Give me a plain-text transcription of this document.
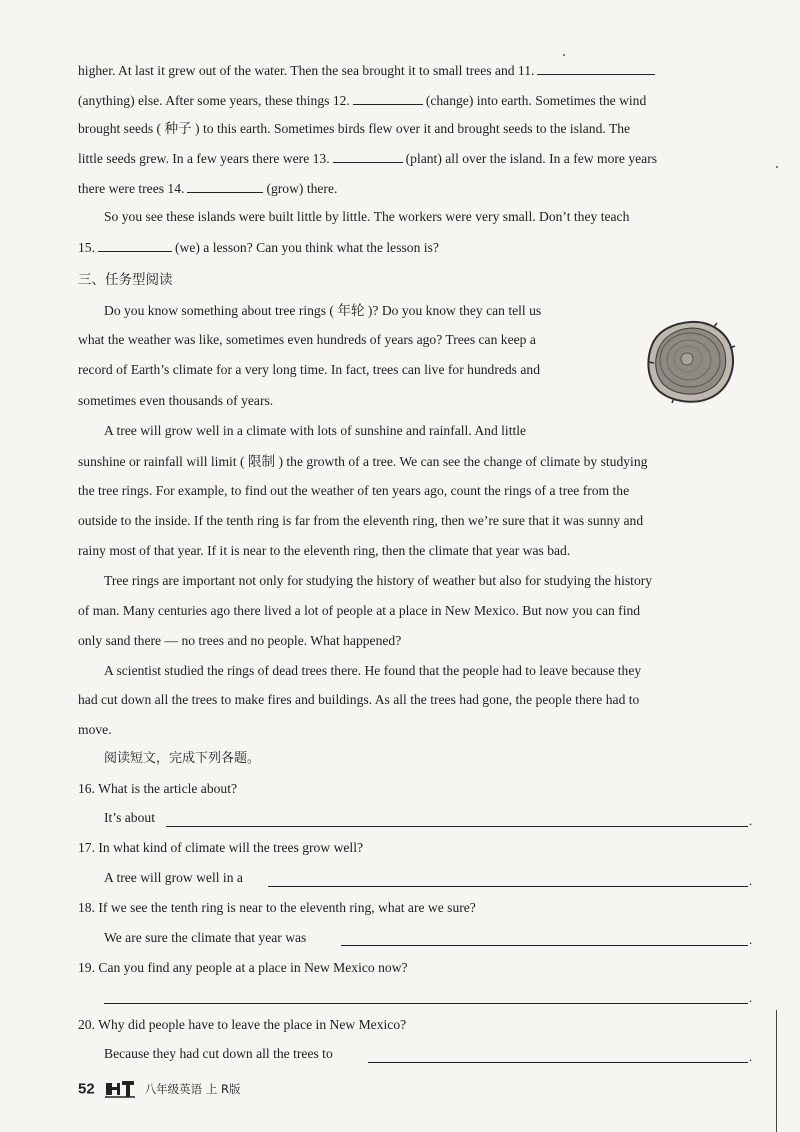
higher. At last it grew out of the water. Then the sea brought it to small trees and 11.
(anything) else. After some years, these things 12.	(change) into earth. Sometimes the wind
brought seeds ( 种子 ) to this earth. Sometimes birds flew over it and brought seeds to the island. The
little seeds grew. In a few years there were 13.	(plant) all over the island. In a few more years
there were trees 14.	(grow) there.
So you see these islands were built little by little. The workers were very small. Don’t they teach
15.	(we) a lesson? Can you think what the lesson is?
三、任务型阅读
Do you know something about tree rings ( 年轮 )? Do you know they can tell us
what the weather was like, sometimes even hundreds of years ago? Trees can keep a
record of Earth’s climate for a very long time. In fact, trees can live for hundreds and
sometimes even thousands of years.
A tree will grow well in a climate with lots of sunshine and rainfall. And little
sunshine or rainfall will limit ( 限制 ) the growth of a tree. We can see the change of climate by studying
the tree rings. For example, to find out the weather of ten years ago, count the rings of a tree from the
outside to the inside. If the tenth ring is far from the eleventh ring, then we’re sure that it was sunny and
rainy most of that year. If it is near to the eleventh ring, then the climate that year was bad.
Tree rings are important not only for studying the history of weather but also for studying the history
of man. Many centuries ago there lived a lot of people at a place in New Mexico. But now you can find
only sand there — no trees and no people. What happened?
A scientist studied the rings of dead trees there. He found that the people had to leave because they
had cut down all the trees to make fires and buildings. As all the trees had gone, the people there had to
move.
阅读短文，完成下列各题。
16. What is the article about?
It’s about	.
17. In what kind of climate will the trees grow well?
A tree will grow well in a	.
18. If we see the tenth ring is near to the eleventh ring, what are we sure?
We are sure the climate that year was	.
19. Can you find any people at a place in New Mexico now?
.
20. Why did people have to leave the place in New Mexico?
Because they had cut down all the trees to	.
52	八年级英语 上 R版
